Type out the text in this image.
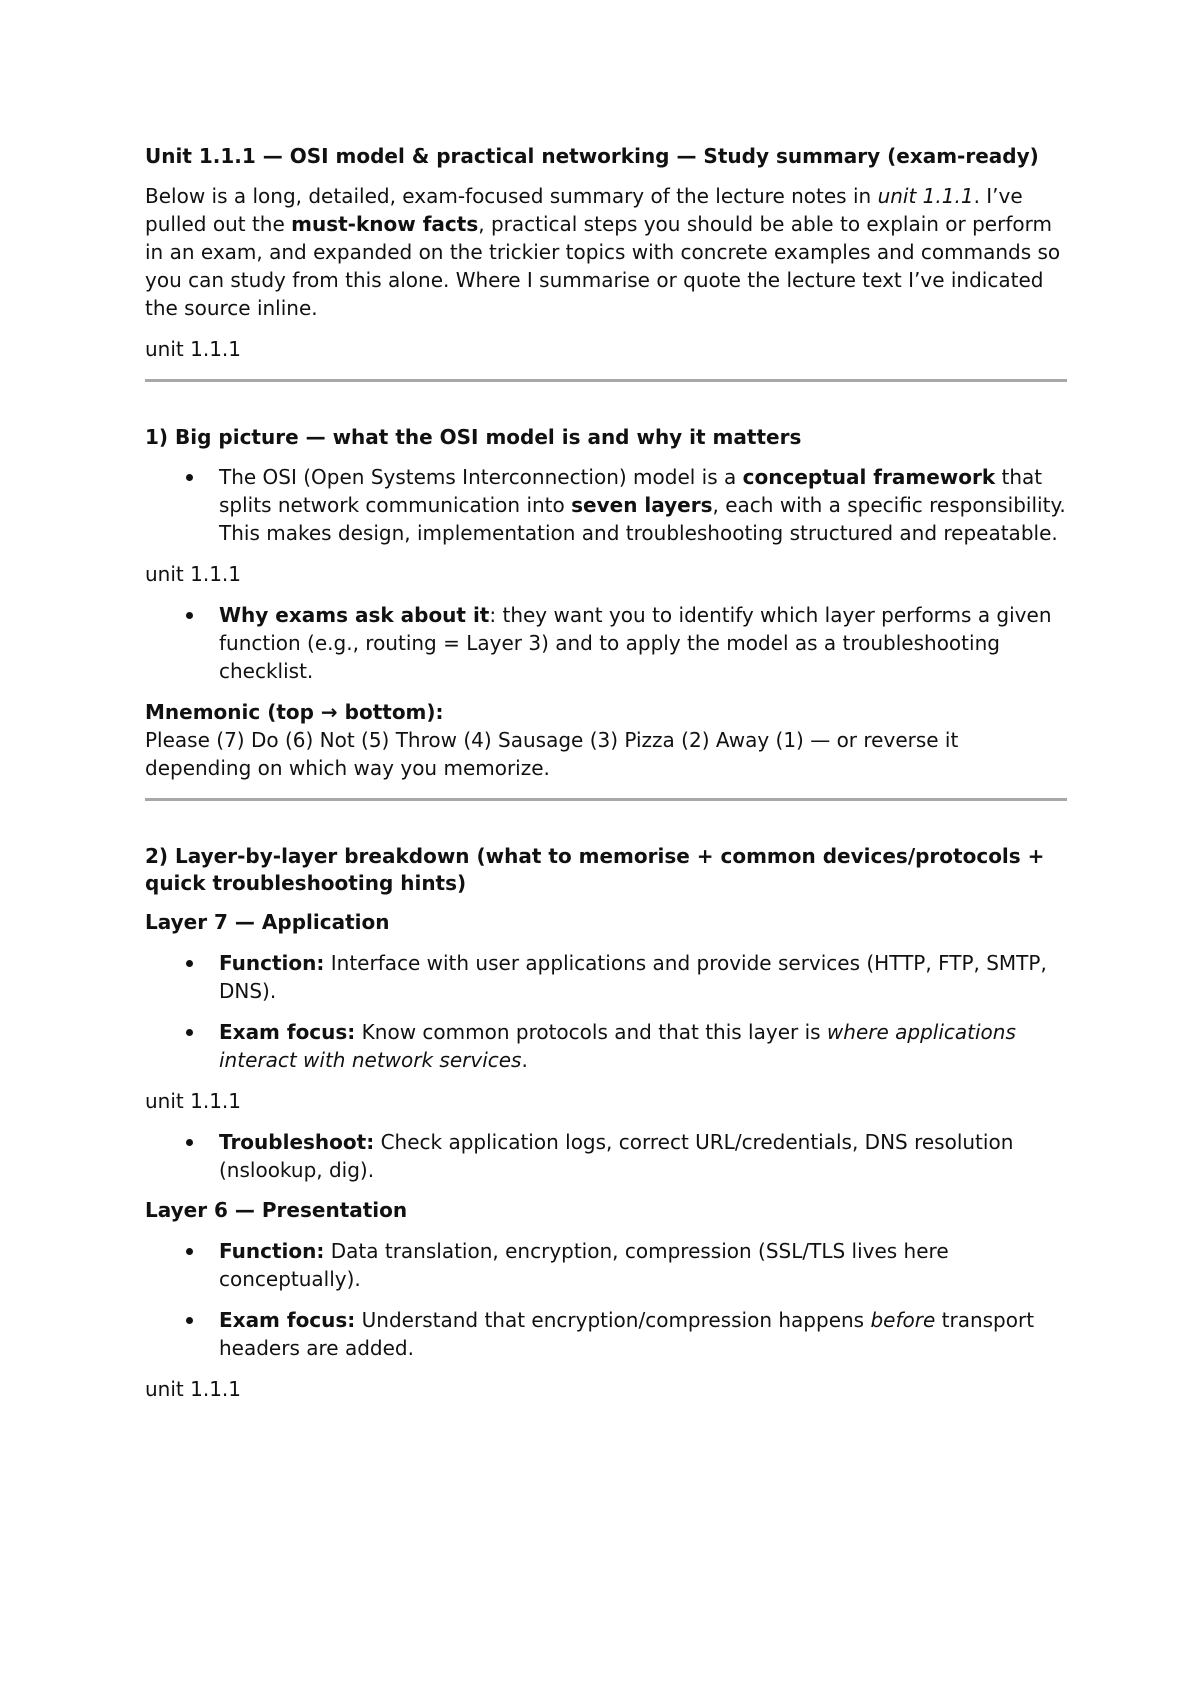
Unit 1.1.1 — OSI model & practical networking — Study summary (exam-ready)

Below is a long, detailed, exam-focused summary of the lecture notes in unit 1.1.1. I’ve pulled out the must-know facts, practical steps you should be able to explain or perform in an exam, and expanded on the trickier topics with concrete examples and commands so you can study from this alone. Where I summarise or quote the lecture text I’ve indicated the source inline.

unit 1.1.1
1) Big picture — what the OSI model is and why it matters
The OSI (Open Systems Interconnection) model is a conceptual framework that splits network communication into seven layers, each with a specific responsibility. This makes design, implementation and troubleshooting structured and repeatable.
unit 1.1.1
Why exams ask about it: they want you to identify which layer performs a given function (e.g., routing = Layer 3) and to apply the model as a troubleshooting checklist.
Mnemonic (top → bottom):
Please (7) Do (6) Not (5) Throw (4) Sausage (3) Pizza (2) Away (1) — or reverse it depending on which way you memorize.
2) Layer-by-layer breakdown (what to memorise + common devices/protocols + quick troubleshooting hints)
Layer 7 — Application
Function: Interface with user applications and provide services (HTTP, FTP, SMTP, DNS).
Exam focus: Know common protocols and that this layer is where applications interact with network services.
unit 1.1.1
Troubleshoot: Check application logs, correct URL/credentials, DNS resolution (nslookup, dig).
Layer 6 — Presentation
Function: Data translation, encryption, compression (SSL/TLS lives here conceptually).
Exam focus: Understand that encryption/compression happens before transport headers are added.
unit 1.1.1
